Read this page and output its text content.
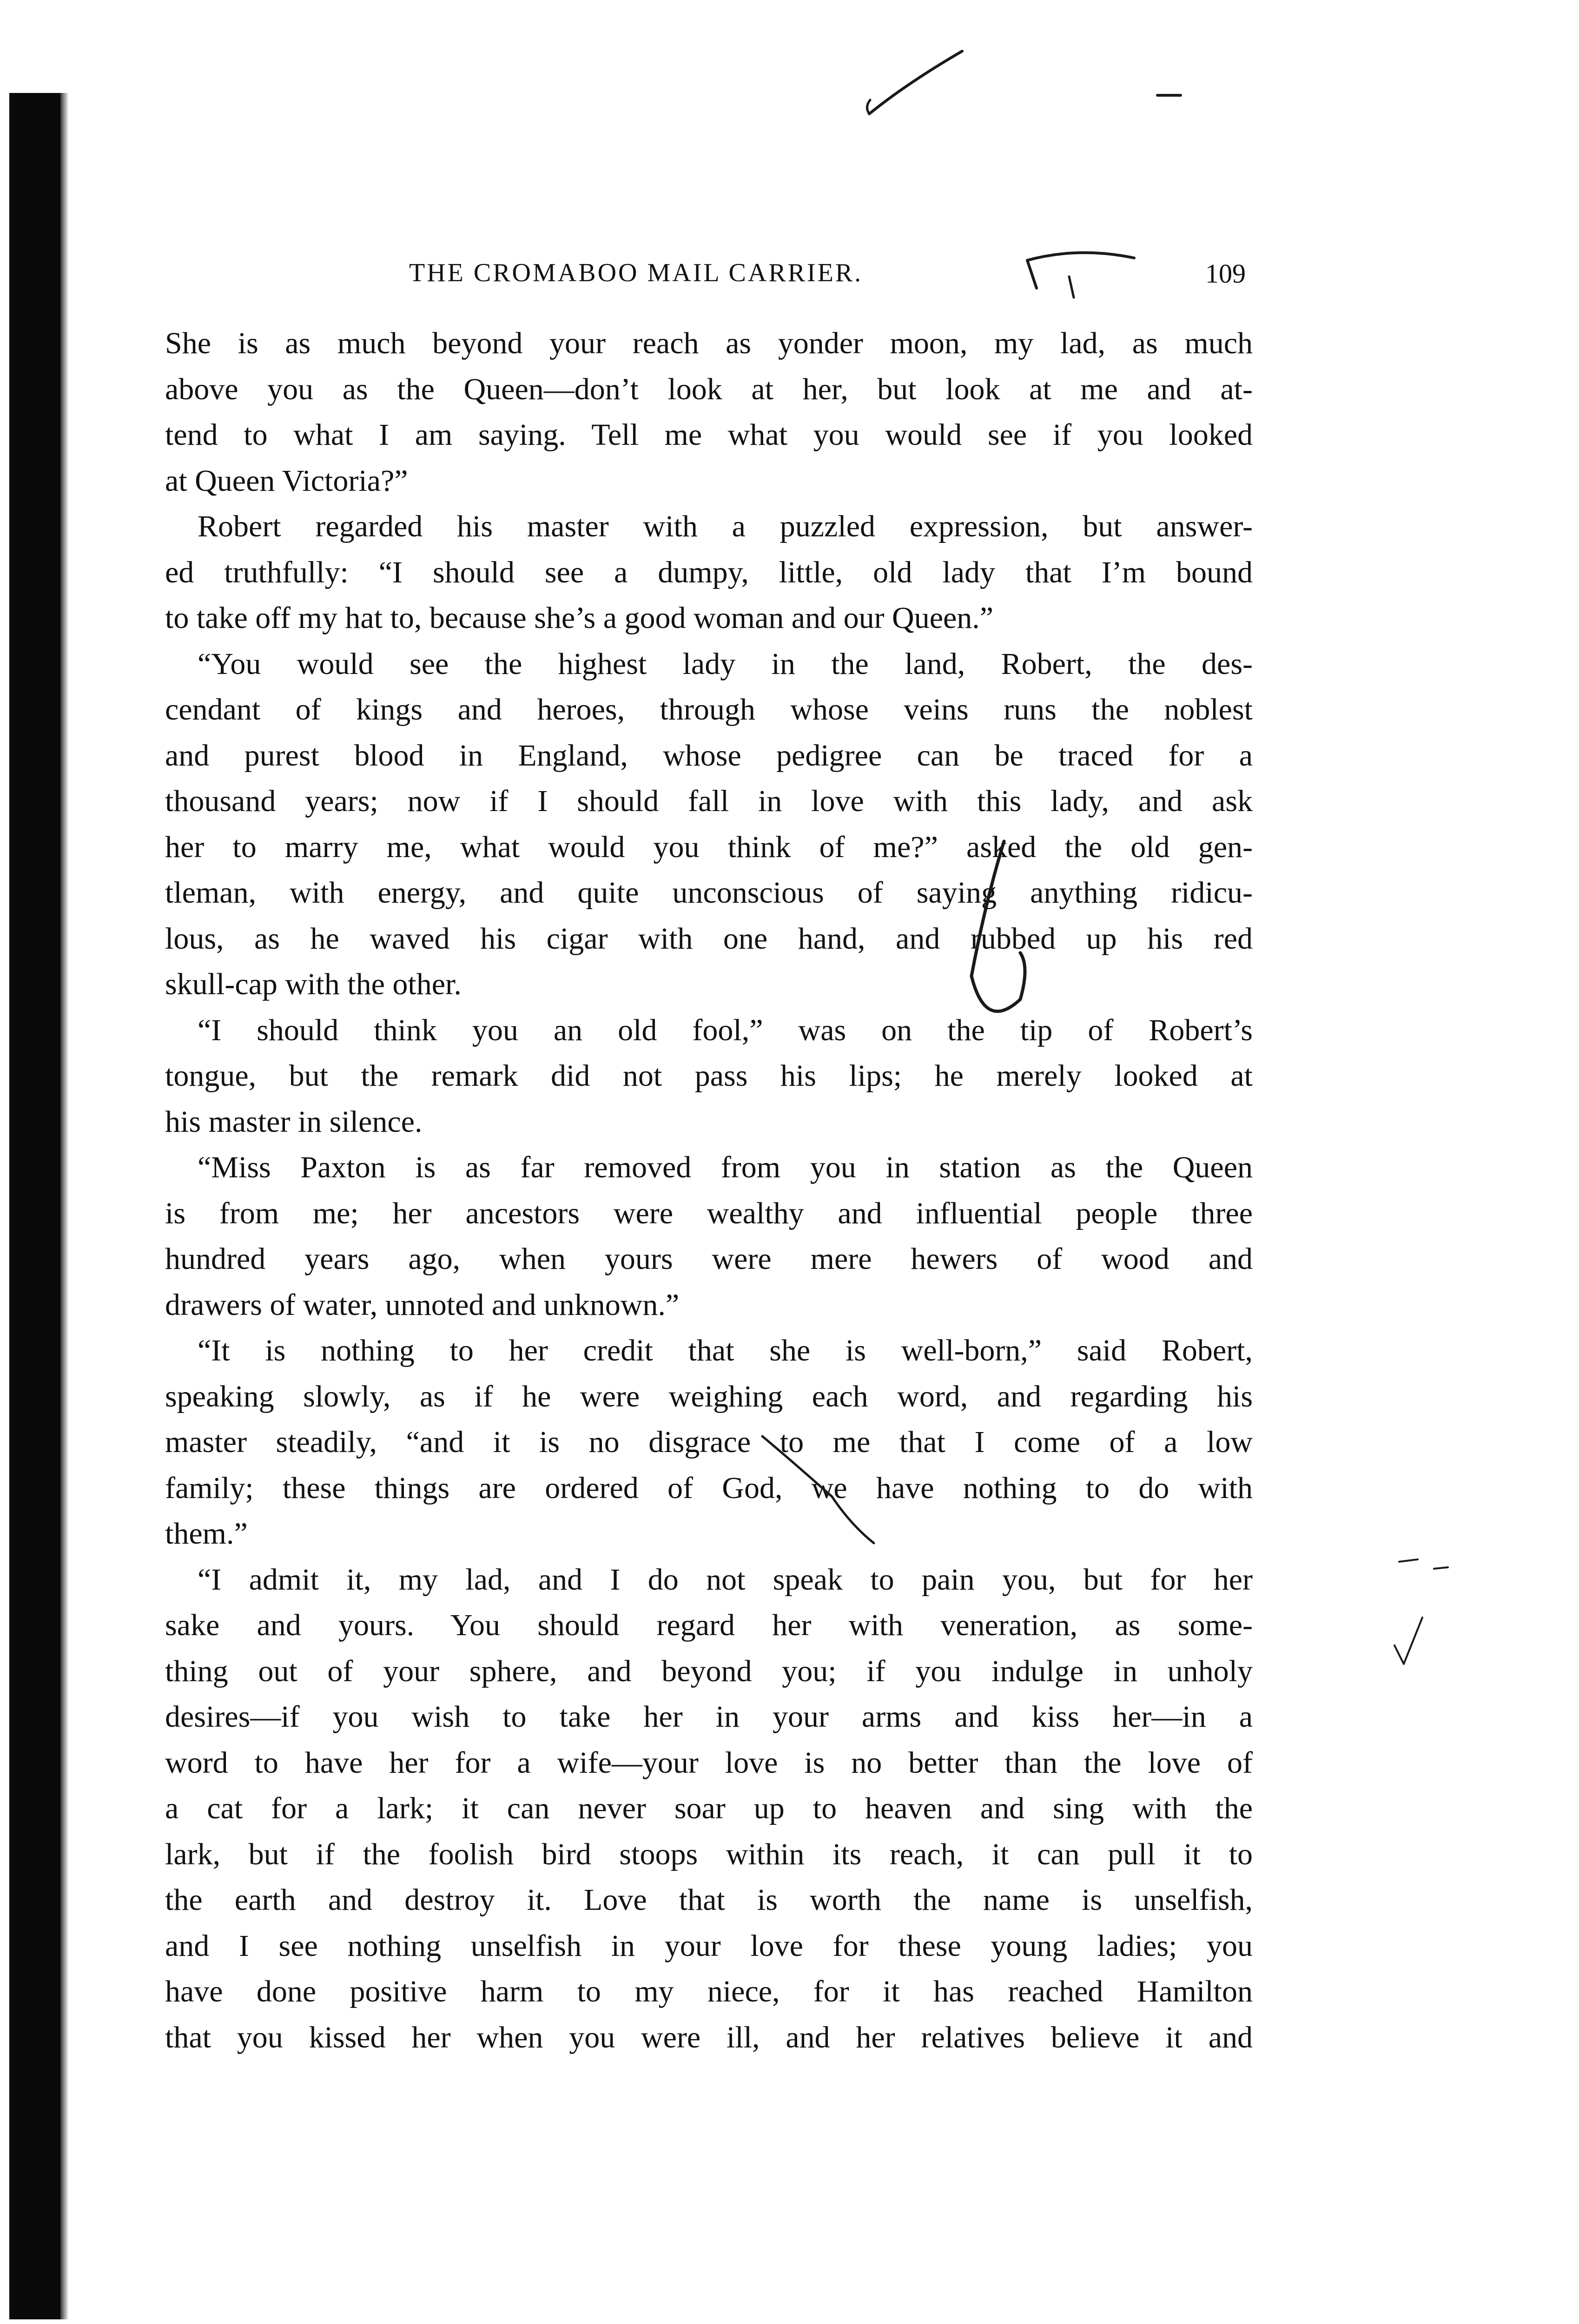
THE CROMABOO MAIL CARRIER.	109
She is as much beyond your reach as yonder moon, my lad, as much
above you as the Queen—don’t look at her, but look at me and at-
tend to what I am saying. Tell me what you would see if you looked
at Queen Victoria?”
Robert regarded his master with a puzzled expression, but answer-
ed truthfully: “I should see a dumpy, little, old lady that I’m bound
to take off my hat to, because she’s a good woman and our Queen.”
“You would see the highest lady in the land, Robert, the des-
cendant of kings and heroes, through whose veins runs the noblest
and purest blood in England, whose pedigree can be traced for a
thousand years; now if I should fall in love with this lady, and ask
her to marry me, what would you think of me?” asked the old gen-
tleman, with energy, and quite unconscious of saying anything ridicu-
lous, as he waved his cigar with one hand, and rubbed up his red
skull-cap with the other.
“I should think you an old fool,” was on the tip of Robert’s
tongue, but the remark did not pass his lips; he merely looked at
his master in silence.
“Miss Paxton is as far removed from you in station as the Queen
is from me; her ancestors were wealthy and influential people three
hundred years ago, when yours were mere hewers of wood and
drawers of water, unnoted and unknown.”
“It is nothing to her credit that she is well-born,” said Robert,
speaking slowly, as if he were weighing each word, and regarding his
master steadily, “and it is no disgrace to me that I come of a low
family; these things are ordered of God, we have nothing to do with
them.”
“I admit it, my lad, and I do not speak to pain you, but for her
sake and yours. You should regard her with veneration, as some-
thing out of your sphere, and beyond you; if you indulge in unholy
desires—if you wish to take her in your arms and kiss her—in a
word to have her for a wife—your love is no better than the love of
a cat for a lark; it can never soar up to heaven and sing with the
lark, but if the foolish bird stoops within its reach, it can pull it to
the earth and destroy it. Love that is worth the name is unselfish,
and I see nothing unselfish in your love for these young ladies; you
have done positive harm to my niece, for it has reached Hamilton
that you kissed her when you were ill, and her relatives believe it and
